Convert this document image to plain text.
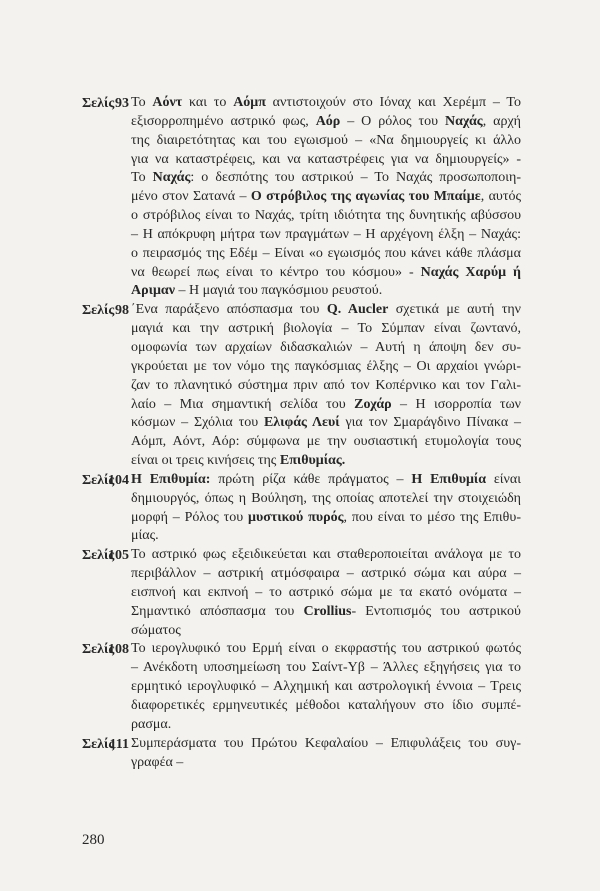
Σελίς 93 Το Αόντ και το Αόμπ αντιστοιχούν στο Ιόναχ και Χερέμπ – Το
εξισορροπημένο αστρικό φως, Αόρ – Ο ρόλος του Ναχάς, αρχή
της διαιρετότητας και του εγωισμού – «Να δημιουργείς κι άλλο
για να καταστρέφεις, και να καταστρέφεις για να δημιουργείς» -
Το Ναχάς: ο δεσπότης του αστρικού – Το Ναχάς προσωποποιη-
μένο στον Σατανά – Ο στρόβιλος της αγωνίας του Μπαίμε, αυτός
ο στρόβιλος είναι το Ναχάς, τρίτη ιδιότητα της δυνητικής αβύσσου
– Η απόκρυφη μήτρα των πραγμάτων – Η αρχέγονη έλξη – Ναχάς:
ο πειρασμός της Εδέμ – Είναι «ο εγωισμός που κάνει κάθε πλάσμα
να θεωρεί πως είναι το κέντρο του κόσμου» - Ναχάς Χαρύμ ή
Αριμαν – Η μαγιά του παγκόσμιου ρευστού.
Σελίς 98 ΄Ενα παράξενο απόσπασμα του Q. Aucler σχετικά με αυτή την
μαγιά και την αστρική βιολογία – Το Σύμπαν είναι ζωντανό,
ομοφωνία των αρχαίων διδασκαλιών – Αυτή η άποψη δεν συ-
γκρούεται με τον νόμο της παγκόσμιας έλξης – Οι αρχαίοι γνώρι-
ζαν το πλανητικό σύστημα πριν από τον Κοπέρνικο και τον Γαλι-
λαίο – Μια σημαντική σελίδα του Ζοχάρ – Η ισορροπία των
κόσμων – Σχόλια του Ελιφάς Λευί για τον Σμαράγδινο Πίνακα –
Αόμπ, Αόντ, Αόρ: σύμφωνα με την ουσιαστική ετυμολογία τους
είναι οι τρεις κινήσεις της Επιθυμίας.
Σελίς
104 Η Επιθυμία: πρώτη ρίζα κάθε πράγματος – Η Επιθυμία είναι
δημιουργός, όπως η Βούληση, της οποίας αποτελεί την στοιχειώδη
μορφή – Ρόλος του μυστικού πυρός, που είναι το μέσο της Επιθυ-
μίας.
Σελίς
105 Το αστρικό φως εξειδικεύεται και σταθεροποιείται ανάλογα με το
περιβάλλον – αστρική ατμόσφαιρα – αστρικό σώμα και αύρα –
εισπνοή και εκπνοή – το αστρικό σώμα με τα εκατό ονόματα –
Σημαντικό απόσπασμα του Crollius- Εντοπισμός του αστρικού
σώματος
Σελίς
108 Το ιερογλυφικό του Ερμή είναι ο εκφραστής του αστρικού φωτός
– Ανέκδοτη υποσημείωση του Σαίντ-Υβ – Άλλες εξηγήσεις για το
ερμητικό ιερογλυφικό – Αλχημική και αστρολογική έννοια – Τρεις
διαφορετικές ερμηνευτικές μέθοδοι καταλήγουν στο ίδιο συμπέ-
ρασμα.
Σελίς
111 Συμπεράσματα του Πρώτου Κεφαλαίου – Επιφυλάξεις του συγ-
γραφέα –
280
